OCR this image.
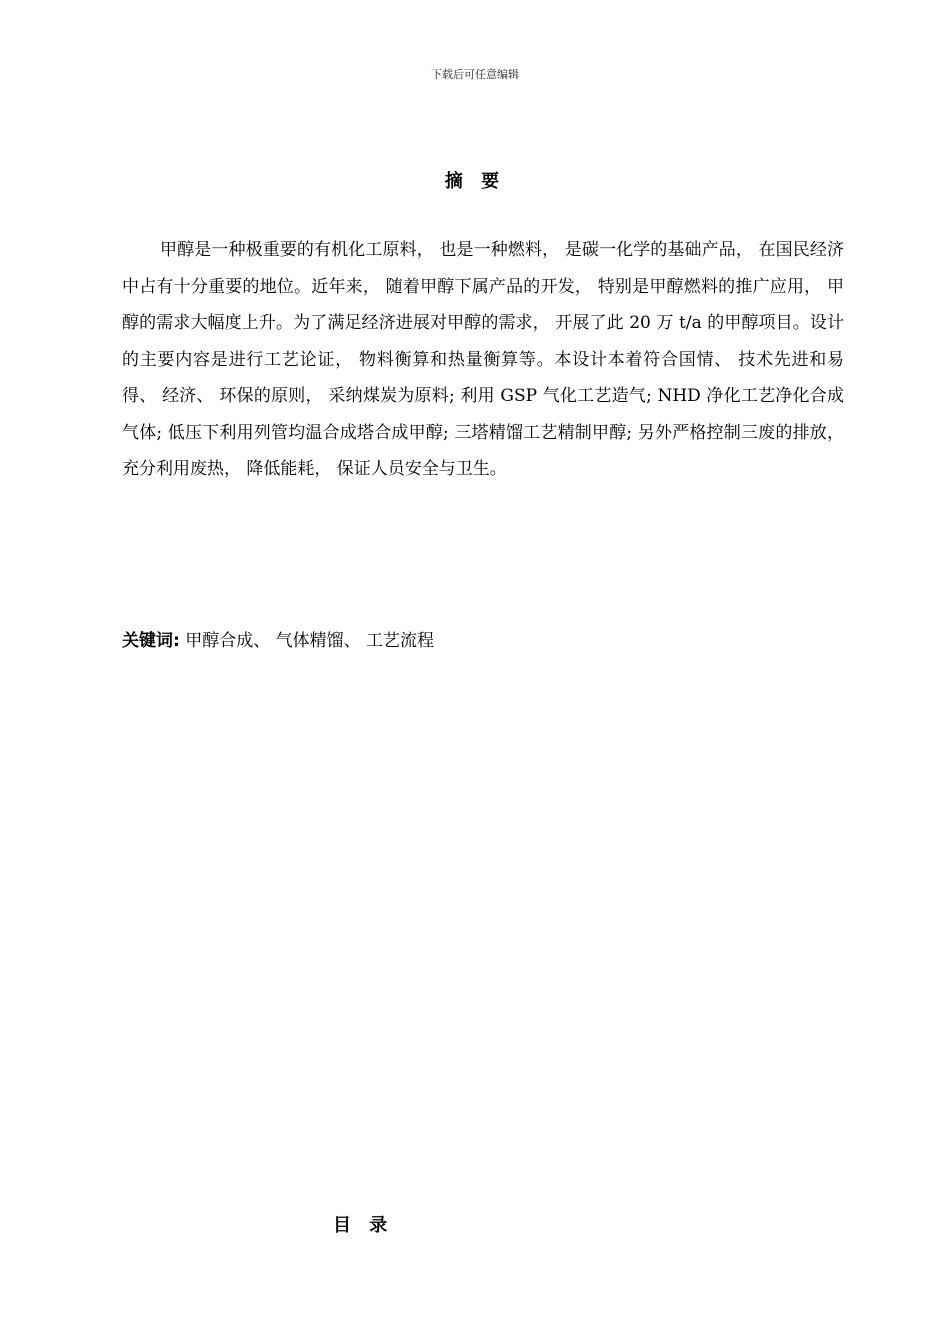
下载后可任意编辑
摘 要

甲醇是一种极重要的有机化工原料， 也是一种燃料， 是碳一化学的基础产品， 在国民经济中占有十分重要的地位。近年来， 随着甲醇下属产品的开发， 特别是甲醇燃料的推广应用， 甲醇的需求大幅度上升。为了满足经济进展对甲醇的需求， 开展了此 20 万 t/a 的甲醇项目。设计的主要内容是进行工艺论证， 物料衡算和热量衡算等。本设计本着符合国情、 技术先进和易得、 经济、 环保的原则， 采纳煤炭为原料; 利用 GSP 气化工艺造气; NHD 净化工艺净化合成气体; 低压下利用列管均温合成塔合成甲醇; 三塔精馏工艺精制甲醇; 另外严格控制三废的排放， 充分利用废热， 降低能耗， 保证人员安全与卫生。

关键词: 甲醇合成、 气体精馏、 工艺流程
目 录
